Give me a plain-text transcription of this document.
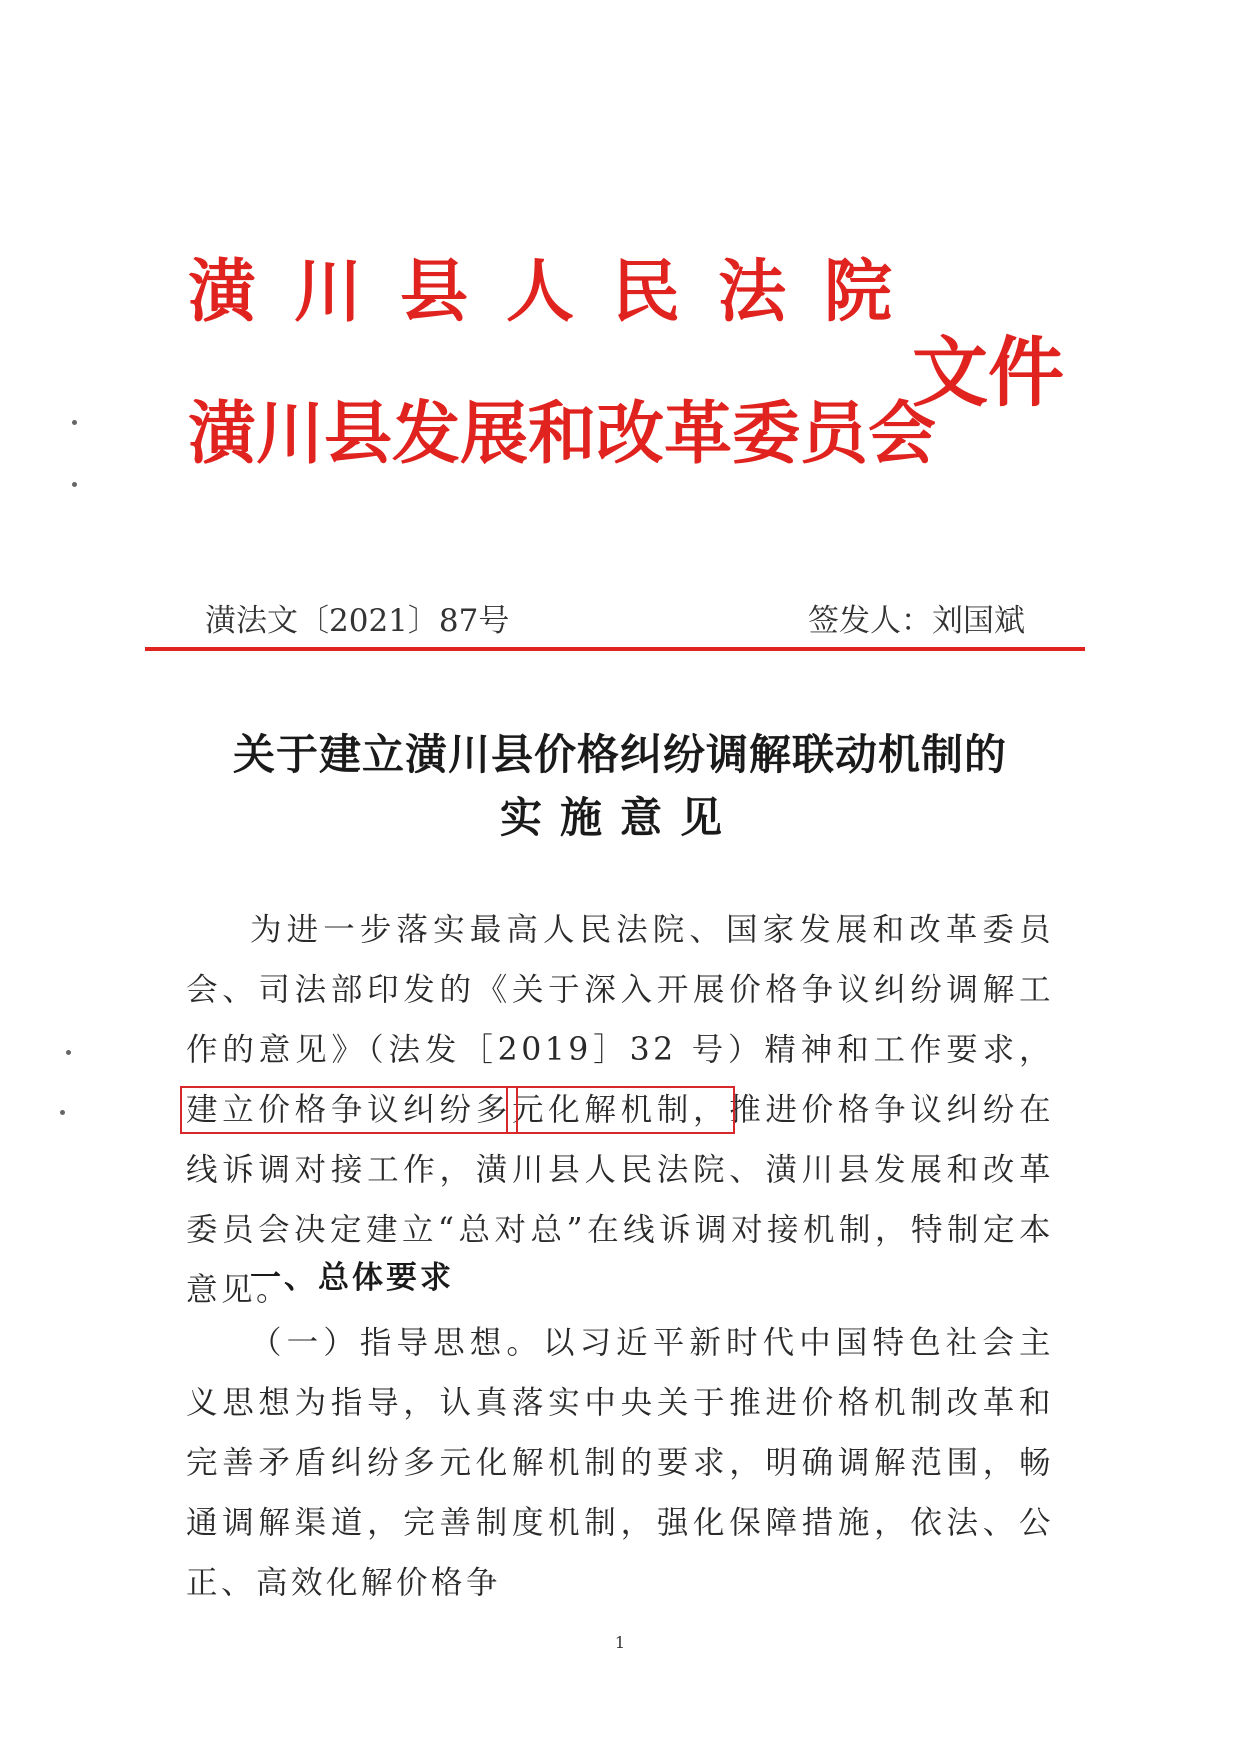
潢川县人民法院
潢川县发展和改革委员会
文件
潢法文〔2021〕87号	签发人：刘国斌
关于建立潢川县价格纠纷调解联动机制的
实施意见

为进一步落实最高人民法院、国家发展和改革委员会、司法部印发的《关于深入开展价格争议纠纷调解工作的意见》（法发［2019］32 号）精神和工作要求，建立价格争议纠纷多元化解机制，推进价格争议纠纷在线诉调对接工作，潢川县人民法院、潢川县发展和改革委员会决定建立“总对总”在线诉调对接机制，特制定本意见。

一、总体要求

（一）指导思想。以习近平新时代中国特色社会主义思想为指导，认真落实中央关于推进价格机制改革和完善矛盾纠纷多元化解机制的要求，明确调解范围，畅通调解渠道，完善制度机制，强化保障措施，依法、公正、高效化解价格争

1
